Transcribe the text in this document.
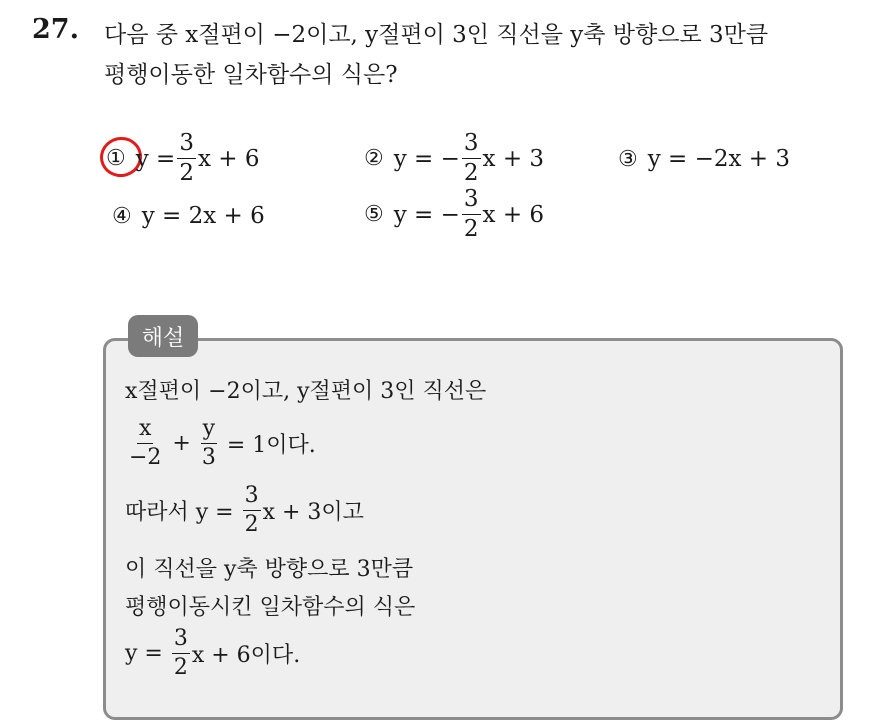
27. 다음 중 x절편이 −2이고, y절편이 3인 직선을 y축 방향으로 3만큼
평행이동한 일차함수의 식은?
① $y = \frac{3}{2}$ x + 6	② y = − $\frac{3}{2}$ x + 3	③ y = −2x + 3
④ y = 2x + 6	⑤ y = − $\frac{3}{2}$ x + 6
해설
x절편이 −2이고, y절편이 3인 직선은
$\frac{x}{-2} + \frac{y}{3} = 1$이다.
따라서 $y = \frac{3}{2}$ x + 3이고
이 직선을 y축 방향으로 3만큼
평행이동시킨 일차함수의 식은
$y = \frac{3}{2}$ x + 6이다.
